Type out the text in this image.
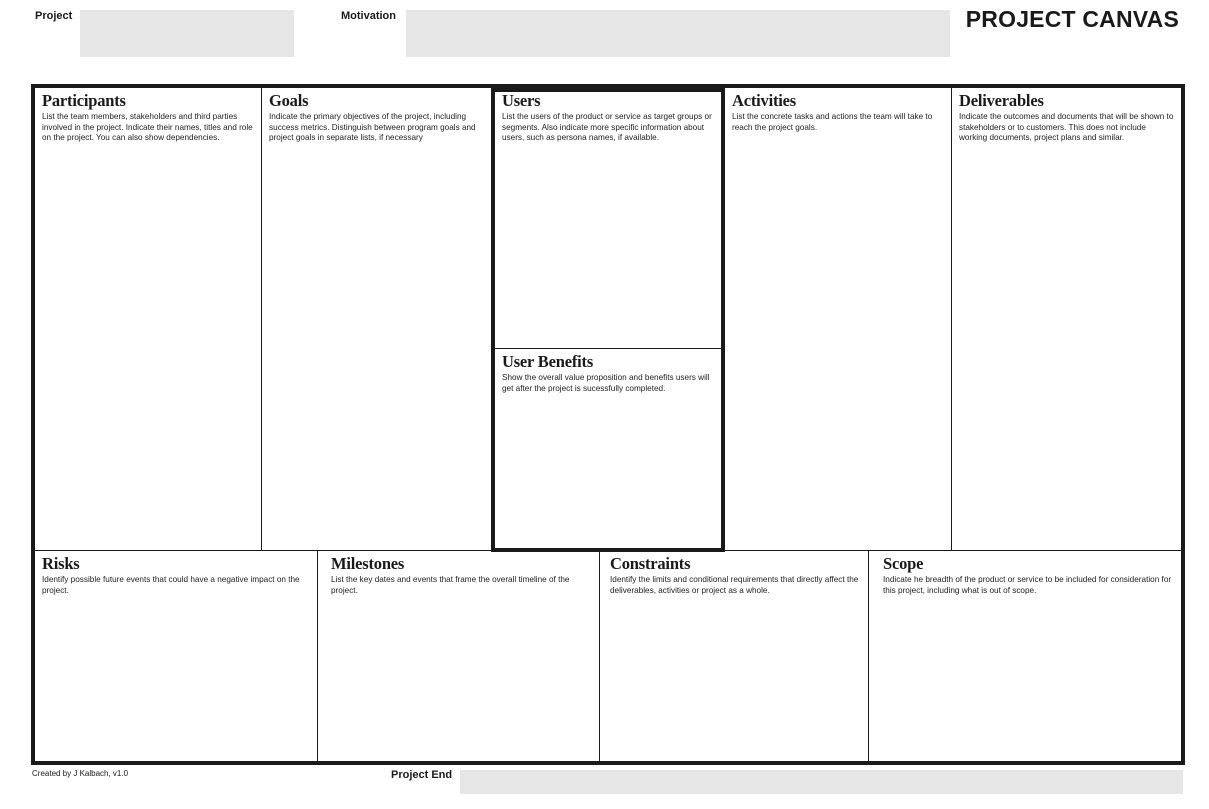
Project	Motivation	PROJECT CANVAS
Participants

List the team members, stakeholders and third parties involved in the project. Indicate their names, titles and role on the project. You can also show dependencies.

Goals

Indicate the primary objectives of the project, including success metrics. Distinguish between program goals and project goals in separate lists, if necessary

Users

List the users of the product or service as target groups or segments. Also indicate more specific information about users, such as persona names, if available.

User Benefits

Show the overall value proposition and benefits users will get after the project is sucessfully completed.

Activities

List the concrete tasks and actions the team will take to reach the project goals.

Deliverables

Indicate the outcomes and documents that will be shown to stakeholders or to customers. This does not include working documents, project plans and similar.

Risks

Identify possible future events that could have a negative impact on the project.

Milestones

List the key dates and events that frame the overall timeline of the project.

Constraints

Identify the limits and conditional requirements that directly affect the deliverables, activities or project as a whole.

Scope

Indicate he breadth of the product or service to be included for consideration for this project, including what is out of scope.

Created by J Kalbach, v1.0	Project End
